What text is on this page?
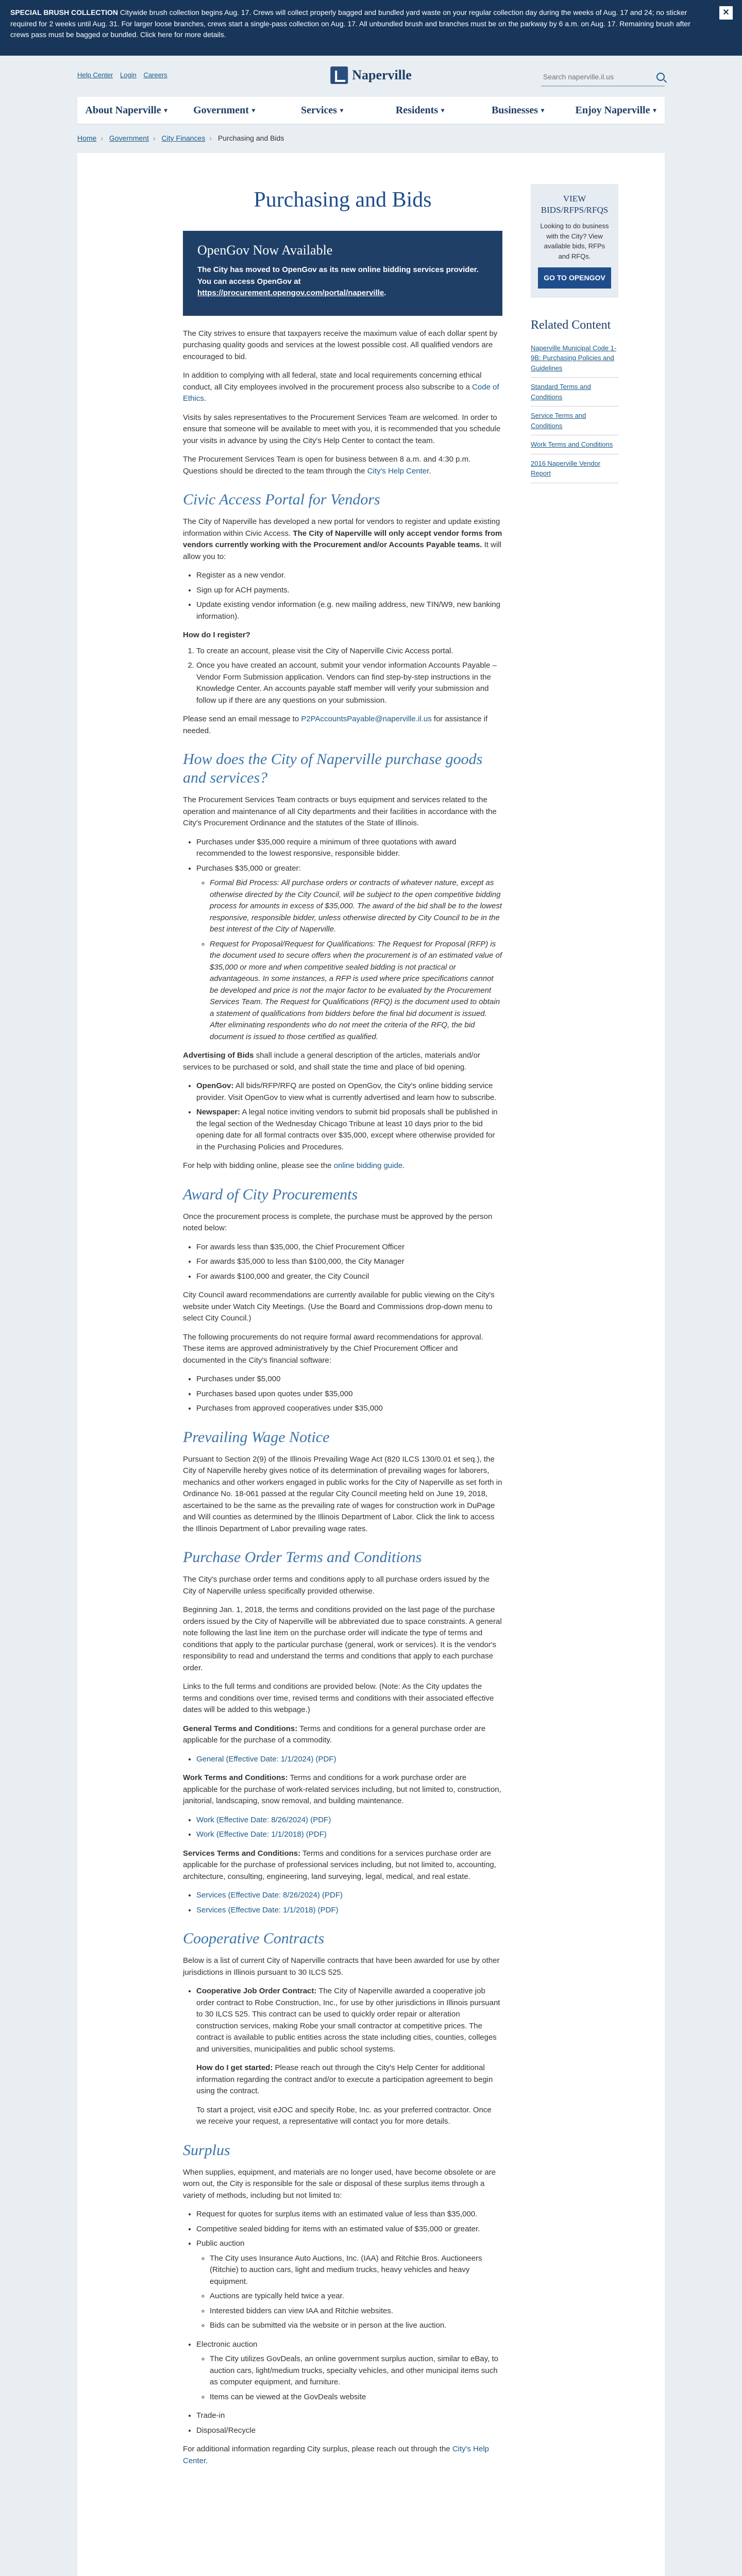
SPECIAL BRUSH COLLECTION Citywide brush collection begins Aug. 17. Crews will collect properly bagged and bundled yard waste on your regular collection day during the weeks of Aug. 17 and 24; no sticker required for 2 weeks until Aug. 31. For larger loose branches, crews start a single-pass collection on Aug. 17. All unbundled brush and branches must be on the parkway by 6 a.m. on Aug. 17. Remaining brush after crews pass must be bagged or bundled. Click here for more details.
✕
Help Center Login Careers	Naperville
Search naperville.il.us
About Naperville ▾	Government ▾	Services ▾	Residents ▾	Businesses ▾	Enjoy Naperville ▾
Home › Government › City Finances › Purchasing and Bids
Purchasing and Bids
OpenGov Now Available

The City has moved to OpenGov as its new online bidding services provider. You can access OpenGov at https://procurement.opengov.com/portal/naperville.

The City strives to ensure that taxpayers receive the maximum value of each dollar spent by purchasing quality goods and services at the lowest possible cost. All qualified vendors are encouraged to bid.

In addition to complying with all federal, state and local requirements concerning ethical conduct, all City employees involved in the procurement process also subscribe to a Code of Ethics.

Visits by sales representatives to the Procurement Services Team are welcomed. In order to ensure that someone will be available to meet with you, it is recommended that you schedule your visits in advance by using the City's Help Center to contact the team.

The Procurement Services Team is open for business between 8 a.m. and 4:30 p.m. Questions should be directed to the team through the City's Help Center.

Civic Access Portal for Vendors

The City of Naperville has developed a new portal for vendors to register and update existing information within Civic Access. The City of Naperville will only accept vendor forms from vendors currently working with the Procurement and/or Accounts Payable teams. It will allow you to:

• Register as a new vendor.
• Sign up for ACH payments.
• Update existing vendor information (e.g. new mailing address, new TIN/W9, new banking information).
How do I register?
1. To create an account, please visit the City of Naperville Civic Access portal.
2. Once you have created an account, submit your vendor information Accounts Payable – Vendor Form Submission application. Vendors can find step-by-step instructions in the Knowledge Center. An accounts payable staff member will verify your submission and follow up if there are any questions on your submission.

Please send an email message to P2PAccountsPayable@naperville.il.us for assistance if needed.

How does the City of Naperville purchase goods and services?

The Procurement Services Team contracts or buys equipment and services related to the operation and maintenance of all City departments and their facilities in accordance with the City's Procurement Ordinance and the statutes of the State of Illinois.

• Purchases under $35,000 require a minimum of three quotations with award recommended to the lowest responsive, responsible bidder.
• Purchases $35,000 or greater:
◦ Formal Bid Process: All purchase orders or contracts of whatever nature, except as otherwise directed by the City Council, will be subject to the open competitive bidding process for amounts in excess of $35,000. The award of the bid shall be to the lowest responsive, responsible bidder, unless otherwise directed by City Council to be in the best interest of the City of Naperville.
◦ Request for Proposal/Request for Qualifications: The Request for Proposal (RFP) is the document used to secure offers when the procurement is of an estimated value of $35,000 or more and when competitive sealed bidding is not practical or advantageous. In some instances, a RFP is used where price specifications cannot be developed and price is not the major factor to be evaluated by the Procurement Services Team. The Request for Qualifications (RFQ) is the document used to obtain a statement of qualifications from bidders before the final bid document is issued. After eliminating respondents who do not meet the criteria of the RFQ, the bid document is issued to those certified as qualified.

Advertising of Bids shall include a general description of the articles, materials and/or services to be purchased or sold, and shall state the time and place of bid opening.

• OpenGov: All bids/RFP/RFQ are posted on OpenGov, the City's online bidding service provider. Visit OpenGov to view what is currently advertised and learn how to subscribe.
• Newspaper: A legal notice inviting vendors to submit bid proposals shall be published in the legal section of the Wednesday Chicago Tribune at least 10 days prior to the bid opening date for all formal contracts over $35,000, except where otherwise provided for in the Purchasing Policies and Procedures.

For help with bidding online, please see the online bidding guide.

Award of City Procurements

Once the procurement process is complete, the purchase must be approved by the person noted below:

• For awards less than $35,000, the Chief Procurement Officer
• For awards $35,000 to less than $100,000, the City Manager
• For awards $100,000 and greater, the City Council

City Council award recommendations are currently available for public viewing on the City's website under Watch City Meetings. (Use the Board and Commissions drop-down menu to select City Council.)

The following procurements do not require formal award recommendations for approval. These items are approved administratively by the Chief Procurement Officer and documented in the City's financial software:

• Purchases under $5,000
• Purchases based upon quotes under $35,000
• Purchases from approved cooperatives under $35,000
Prevailing Wage Notice

Pursuant to Section 2(9) of the Illinois Prevailing Wage Act (820 ILCS 130/0.01 et seq.), the City of Naperville hereby gives notice of its determination of prevailing wages for laborers, mechanics and other workers engaged in public works for the City of Naperville as set forth in Ordinance No. 18-061 passed at the regular City Council meeting held on June 19, 2018, ascertained to be the same as the prevailing rate of wages for construction work in DuPage and Will counties as determined by the Illinois Department of Labor. Click the link to access the Illinois Department of Labor prevailing wage rates.

Purchase Order Terms and Conditions

The City's purchase order terms and conditions apply to all purchase orders issued by the City of Naperville unless specifically provided otherwise.

Beginning Jan. 1, 2018, the terms and conditions provided on the last page of the purchase orders issued by the City of Naperville will be abbreviated due to space constraints. A general note following the last line item on the purchase order will indicate the type of terms and conditions that apply to the particular purchase (general, work or services). It is the vendor's responsibility to read and understand the terms and conditions that apply to each purchase order.

Links to the full terms and conditions are provided below. (Note: As the City updates the terms and conditions over time, revised terms and conditions with their associated effective dates will be added to this webpage.)

General Terms and Conditions: Terms and conditions for a general purchase order are applicable for the purchase of a commodity.

• General (Effective Date: 1/1/2024) (PDF)

Work Terms and Conditions: Terms and conditions for a work purchase order are applicable for the purchase of work-related services including, but not limited to, construction, janitorial, landscaping, snow removal, and building maintenance.

• Work (Effective Date: 8/26/2024) (PDF)
• Work (Effective Date: 1/1/2018) (PDF)

Services Terms and Conditions: Terms and conditions for a services purchase order are applicable for the purchase of professional services including, but not limited to, accounting, architecture, consulting, engineering, land surveying, legal, medical, and real estate.

• Services (Effective Date: 8/26/2024) (PDF)
• Services (Effective Date: 1/1/2018) (PDF)
Cooperative Contracts

Below is a list of current City of Naperville contracts that have been awarded for use by other jurisdictions in Illinois pursuant to 30 ILCS 525.

• Cooperative Job Order Contract: The City of Naperville awarded a cooperative job order contract to Robe Construction, Inc., for use by other jurisdictions in Illinois pursuant to 30 ILCS 525. This contract can be used to quickly order repair or alteration construction services, making Robe your small contractor at competitive prices. The contract is available to public entities across the state including cities, counties, colleges and universities, municipalities and public school systems.

How do I get started: Please reach out through the City's Help Center for additional information regarding the contract and/or to execute a participation agreement to begin using the contract.

To start a project, visit eJOC and specify Robe, Inc. as your preferred contractor. Once we receive your request, a representative will contact you for more details.

Surplus

When supplies, equipment, and materials are no longer used, have become obsolete or are worn out, the City is responsible for the sale or disposal of these surplus items through a variety of methods, including but not limited to:

• Request for quotes for surplus items with an estimated value of less than $35,000.
• Competitive sealed bidding for items with an estimated value of $35,000 or greater.
• Public auction
◦ The City uses Insurance Auto Auctions, Inc. (IAA) and Ritchie Bros. Auctioneers (Ritchie) to auction cars, light and medium trucks, heavy vehicles and heavy equipment.
◦ Auctions are typically held twice a year.
◦ Interested bidders can view IAA and Ritchie websites.
◦ Bids can be submitted via the website or in person at the live auction.
• Electronic auction
◦ The City utilizes GovDeals, an online government surplus auction, similar to eBay, to auction cars, light/medium trucks, specialty vehicles, and other municipal items such as computer equipment, and furniture.
◦ Items can be viewed at the GovDeals website
• Trade-in
• Disposal/Recycle

For additional information regarding City surplus, please reach out through the City's Help Center.

VIEW BIDS/RFPS/RFQS

Looking to do business with the City? View available bids, RFPs and RFQs.

GO TO OPENGOV
Related Content
Naperville Municipal Code 1-9B: Purchasing Policies and Guidelines
Standard Terms and Conditions
Service Terms and Conditions
Work Terms and Conditions
2016 Naperville Vendor Report
